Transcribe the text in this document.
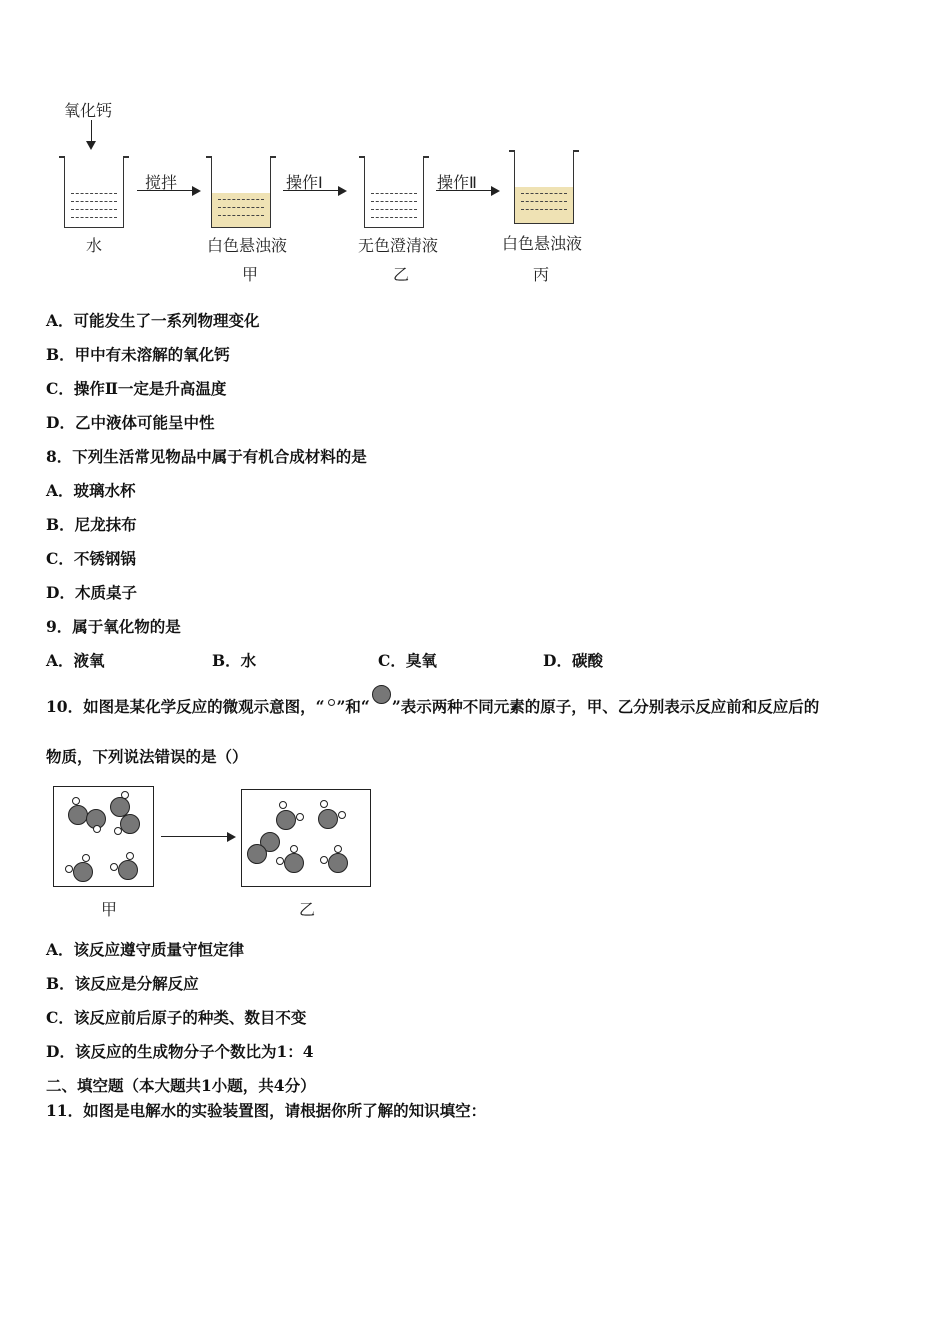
氧化钙
水
搅拌
白色悬浊液
甲
操作Ⅰ
无色澄清液
乙
操作Ⅱ
白色悬浊液
丙
A．可能发生了一系列物理变化
B．甲中有未溶解的氧化钙
C．操作Ⅱ一定是升高温度
D．乙中液体可能呈中性
8．下列生活常见物品中属于有机合成材料的是
A．玻璃水杯
B．尼龙抹布
C．不锈钢锅
D．木质桌子
9．属于氧化物的是
A．液氧	B．水	C．臭氧	D．碳酸
10．如图是某化学反应的微观示意图，“ ”和“ ”表示两种不同元素的原子，甲、乙分别表示反应前和反应后的
物质，下列说法错误的是（）
甲	乙
A．该反应遵守质量守恒定律
B．该反应是分解反应
C．该反应前后原子的种类、数目不变
D．该反应的生成物分子个数比为1：4
二、填空题（本大题共1小题，共4分）
11．如图是电解水的实验装置图，请根据你所了解的知识填空：
